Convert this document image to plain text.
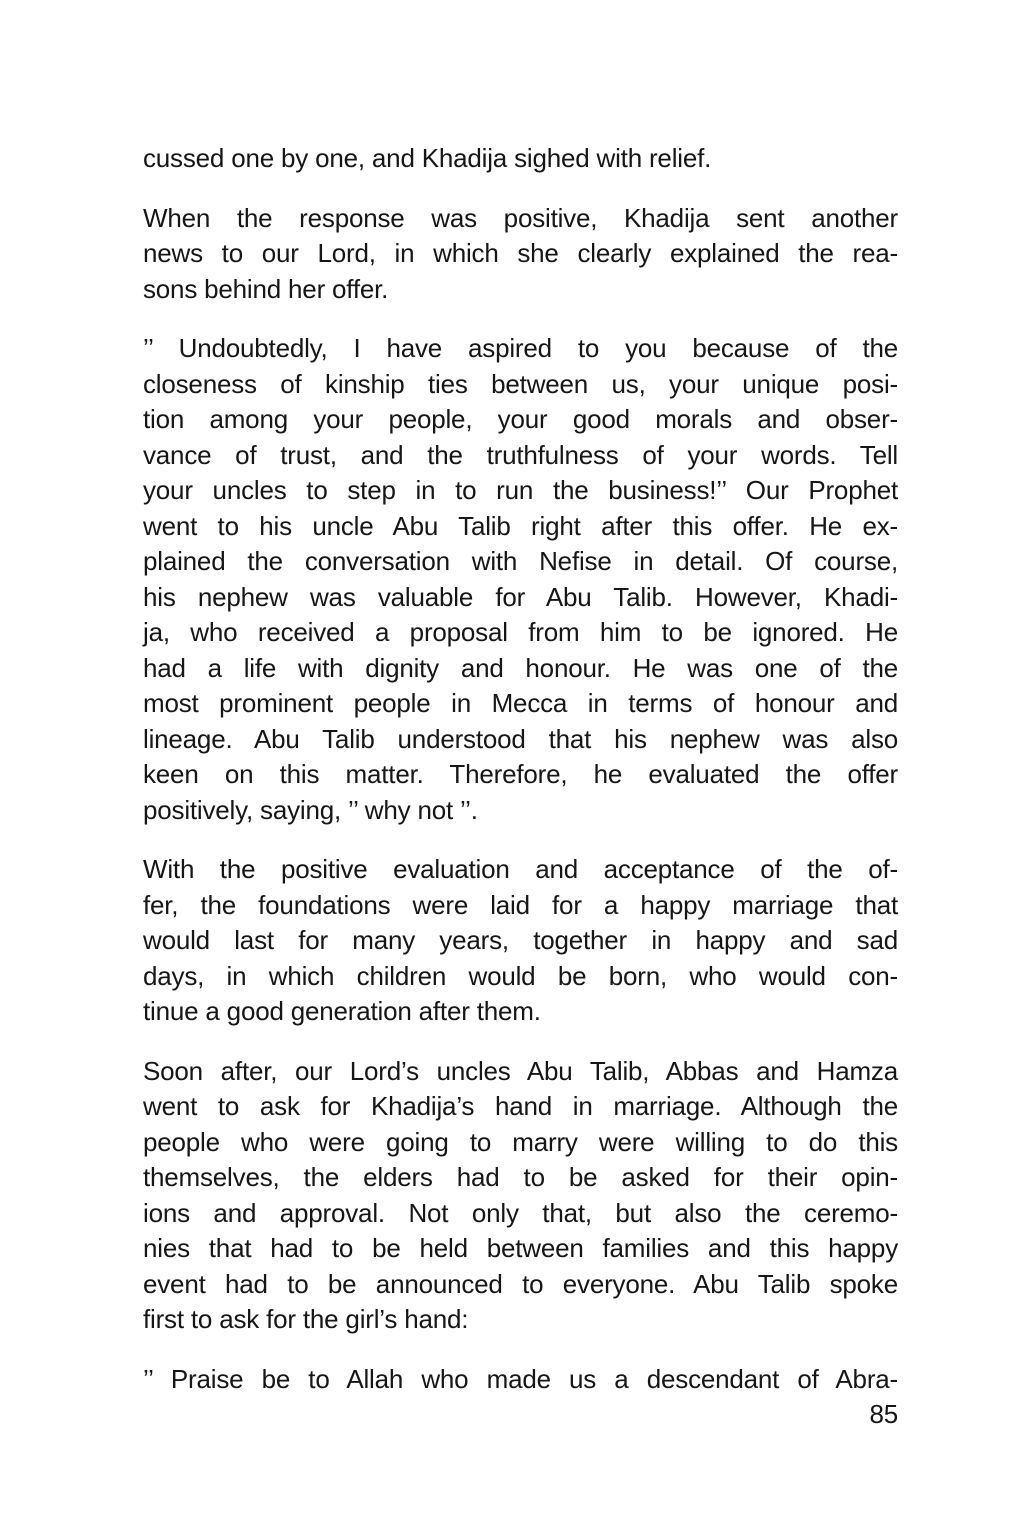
cussed one by one, and Khadija sighed with relief.
When the response was positive, Khadija sent another
news to our Lord, in which she clearly explained the rea-
sons behind her offer.
’’ Undoubtedly, I have aspired to you because of the
closeness of kinship ties between us, your unique posi-
tion among your people, your good morals and obser-
vance of trust, and the truthfulness of your words. Tell
your uncles to step in to run the business!’’ Our Prophet
went to his uncle Abu Talib right after this offer. He ex-
plained the conversation with Nefise in detail. Of course,
his nephew was valuable for Abu Talib. However, Khadi-
ja, who received a proposal from him to be ignored. He
had a life with dignity and honour. He was one of the
most prominent people in Mecca in terms of honour and
lineage. Abu Talib understood that his nephew was also
keen on this matter. Therefore, he evaluated the offer
positively, saying, ’’ why not ’’.
With the positive evaluation and acceptance of the of-
fer, the foundations were laid for a happy marriage that
would last for many years, together in happy and sad
days, in which children would be born, who would con-
tinue a good generation after them.
Soon after, our Lord’s uncles Abu Talib, Abbas and Hamza
went to ask for Khadija’s hand in marriage. Although the
people who were going to marry were willing to do this
themselves, the elders had to be asked for their opin-
ions and approval. Not only that, but also the ceremo-
nies that had to be held between families and this happy
event had to be announced to everyone. Abu Talib spoke
first to ask for the girl’s hand:
’’ Praise be to Allah who made us a descendant of Abra-
85
